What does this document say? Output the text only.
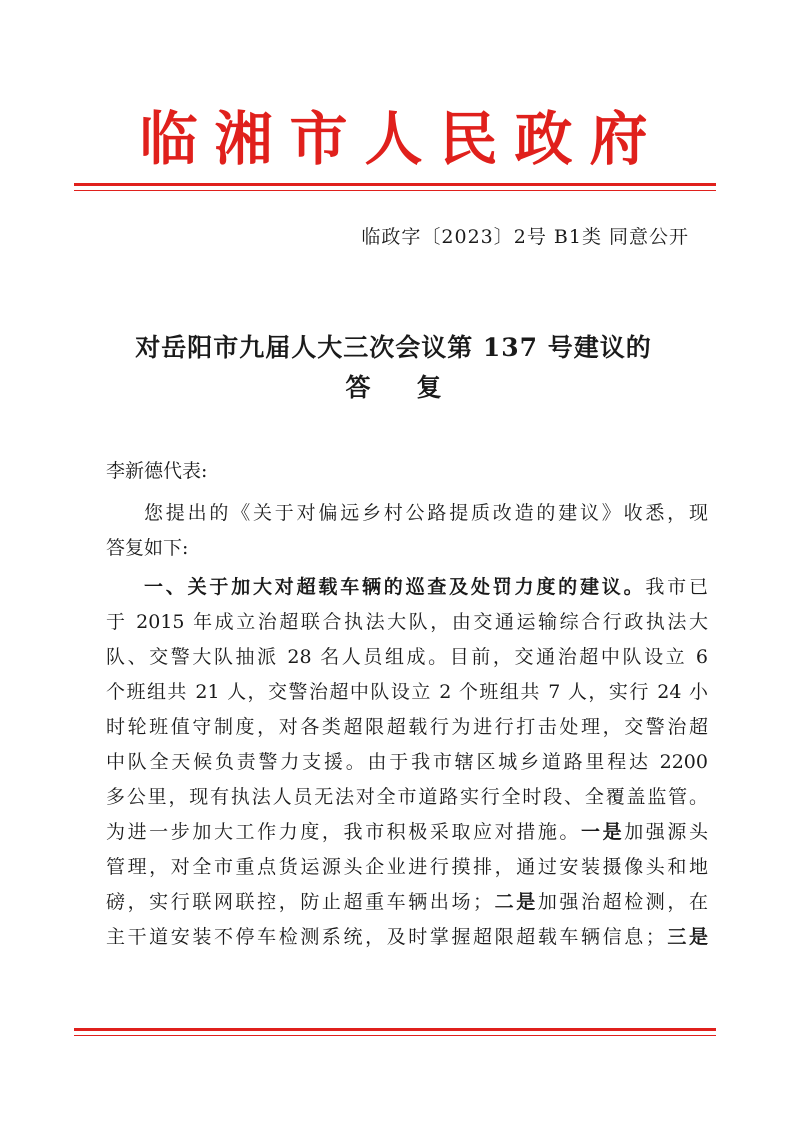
临湘市人民政府
临政字〔2023〕2号 B1类 同意公开
对岳阳市九届人大三次会议第 137 号建议的
答复
李新德代表:
您提出的《关于对偏远乡村公路提质改造的建议》收悉，现
答复如下:
一、关于加大对超载车辆的巡查及处罚力度的建议。我市已
于 2015 年成立治超联合执法大队，由交通运输综合行政执法大
队、交警大队抽派 28 名人员组成。目前，交通治超中队设立 6
个班组共 21 人，交警治超中队设立 2 个班组共 7 人，实行 24 小
时轮班值守制度，对各类超限超载行为进行打击处理，交警治超
中队全天候负责警力支援。由于我市辖区城乡道路里程达 2200
多公里，现有执法人员无法对全市道路实行全时段、全覆盖监管。
为进一步加大工作力度，我市积极采取应对措施。一是加强源头
管理，对全市重点货运源头企业进行摸排，通过安装摄像头和地
磅，实行联网联控，防止超重车辆出场；二是加强治超检测，在
主干道安装不停车检测系统，及时掌握超限超载车辆信息；三是
